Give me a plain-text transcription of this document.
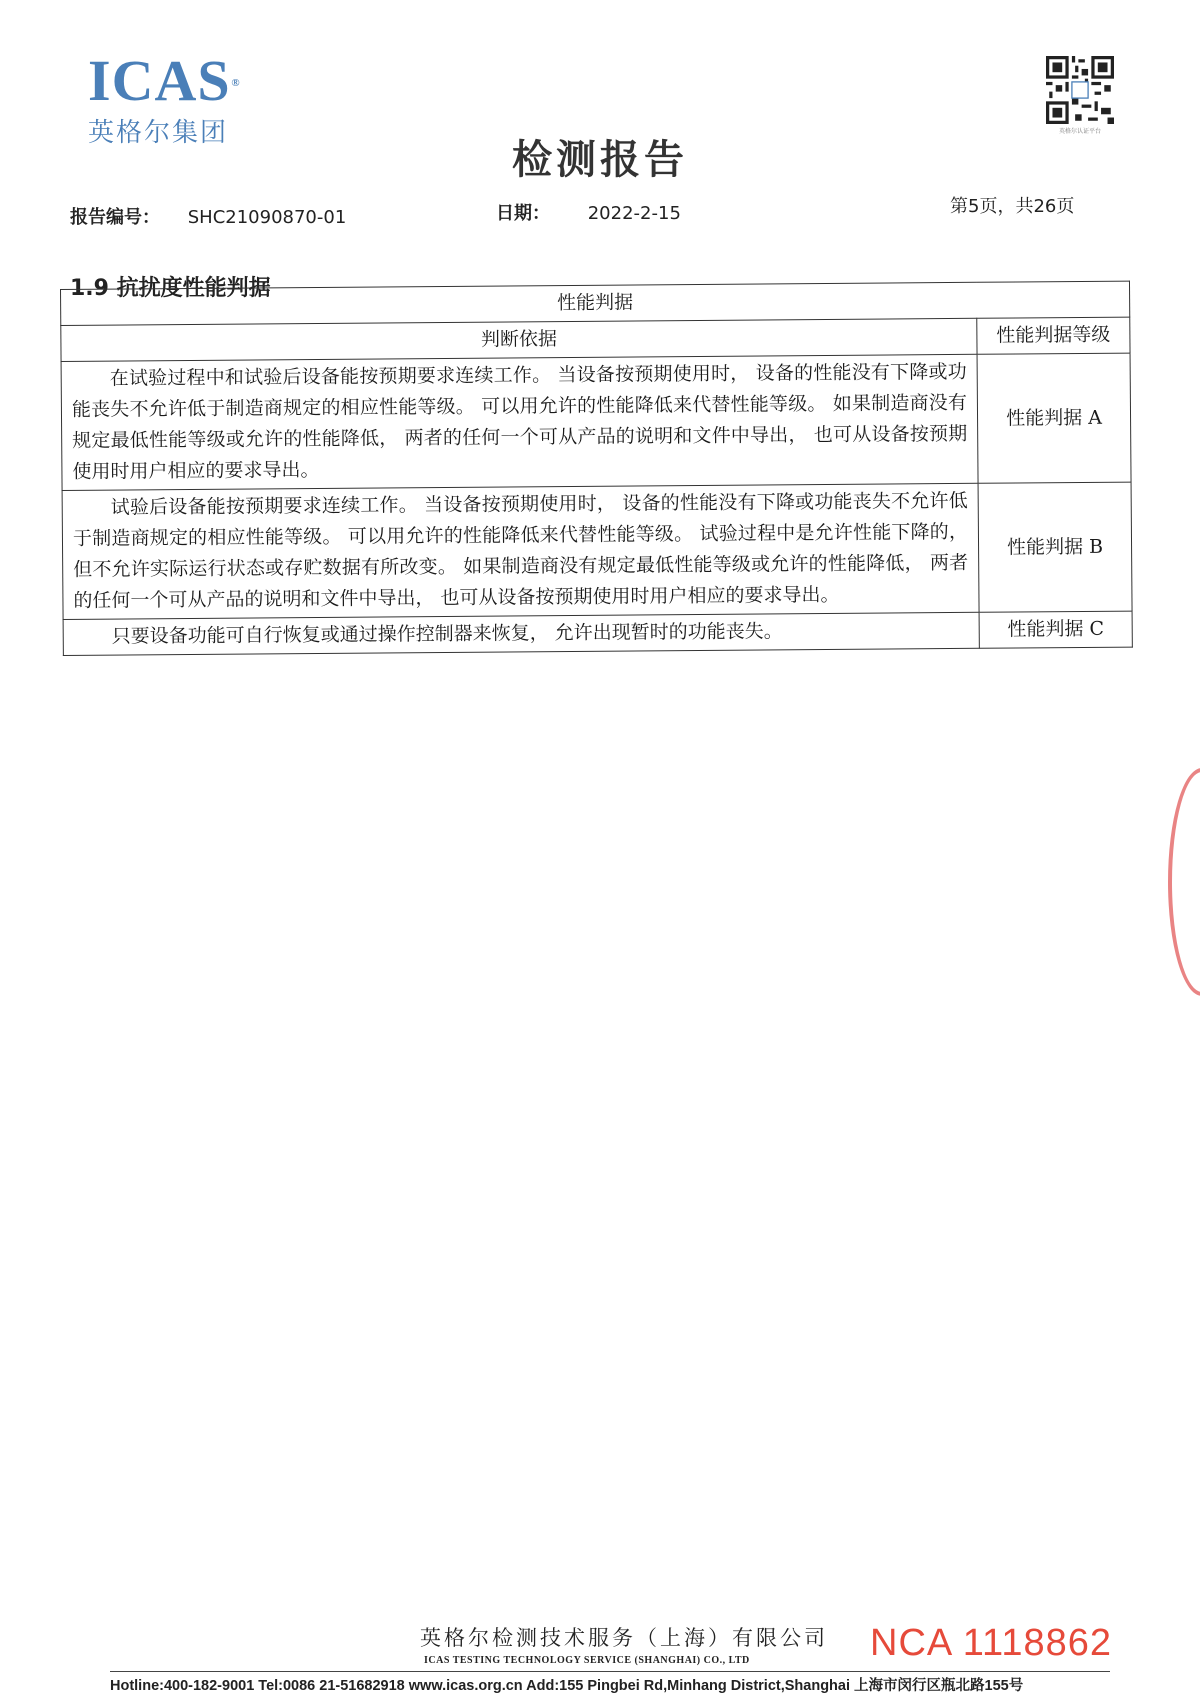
ICAS ®
英格尔集团	英格尔认证平台
检测报告
报告编号： SHC21090870-01	日期： 2022-2-15	第5页，共26页
1.9 抗扰度性能判据
性能判据	
判断依据	性能判据等级
在试验过程中和试验后设备能按预期要求连续工作。 当设备按预期使用时， 设备的性能没有下降或功能丧失不允许低于制造商规定的相应性能等级。 可以用允许的性能降低来代替性能等级。 如果制造商没有规定最低性能等级或允许的性能降低， 两者的任何一个可从产品的说明和文件中导出， 也可从设备按预期使用时用户相应的要求导出。	性能判据 A
试验后设备能按预期要求连续工作。 当设备按预期使用时， 设备的性能没有下降或功能丧失不允许低于制造商规定的相应性能等级。 可以用允许的性能降低来代替性能等级。 试验过程中是允许性能下降的， 但不允许实际运行状态或存贮数据有所改变。 如果制造商没有规定最低性能等级或允许的性能降低， 两者的任何一个可从产品的说明和文件中导出， 也可从设备按预期使用时用户相应的要求导出。	性能判据 B
只要设备功能可自行恢复或通过操作控制器来恢复， 允许出现暂时的功能丧失。	性能判据 C
英格尔检测技术服务（上海）有限公司
ICAS TESTING TECHNOLOGY SERVICE (SHANGHAI) CO., LTD	NCA 1118862
Hotline:400-182-9001 Tel:0086 21-51682918 www.icas.org.cn Add:155 Pingbei Rd,Minhang District,Shanghai 上海市闵行区瓶北路155号
